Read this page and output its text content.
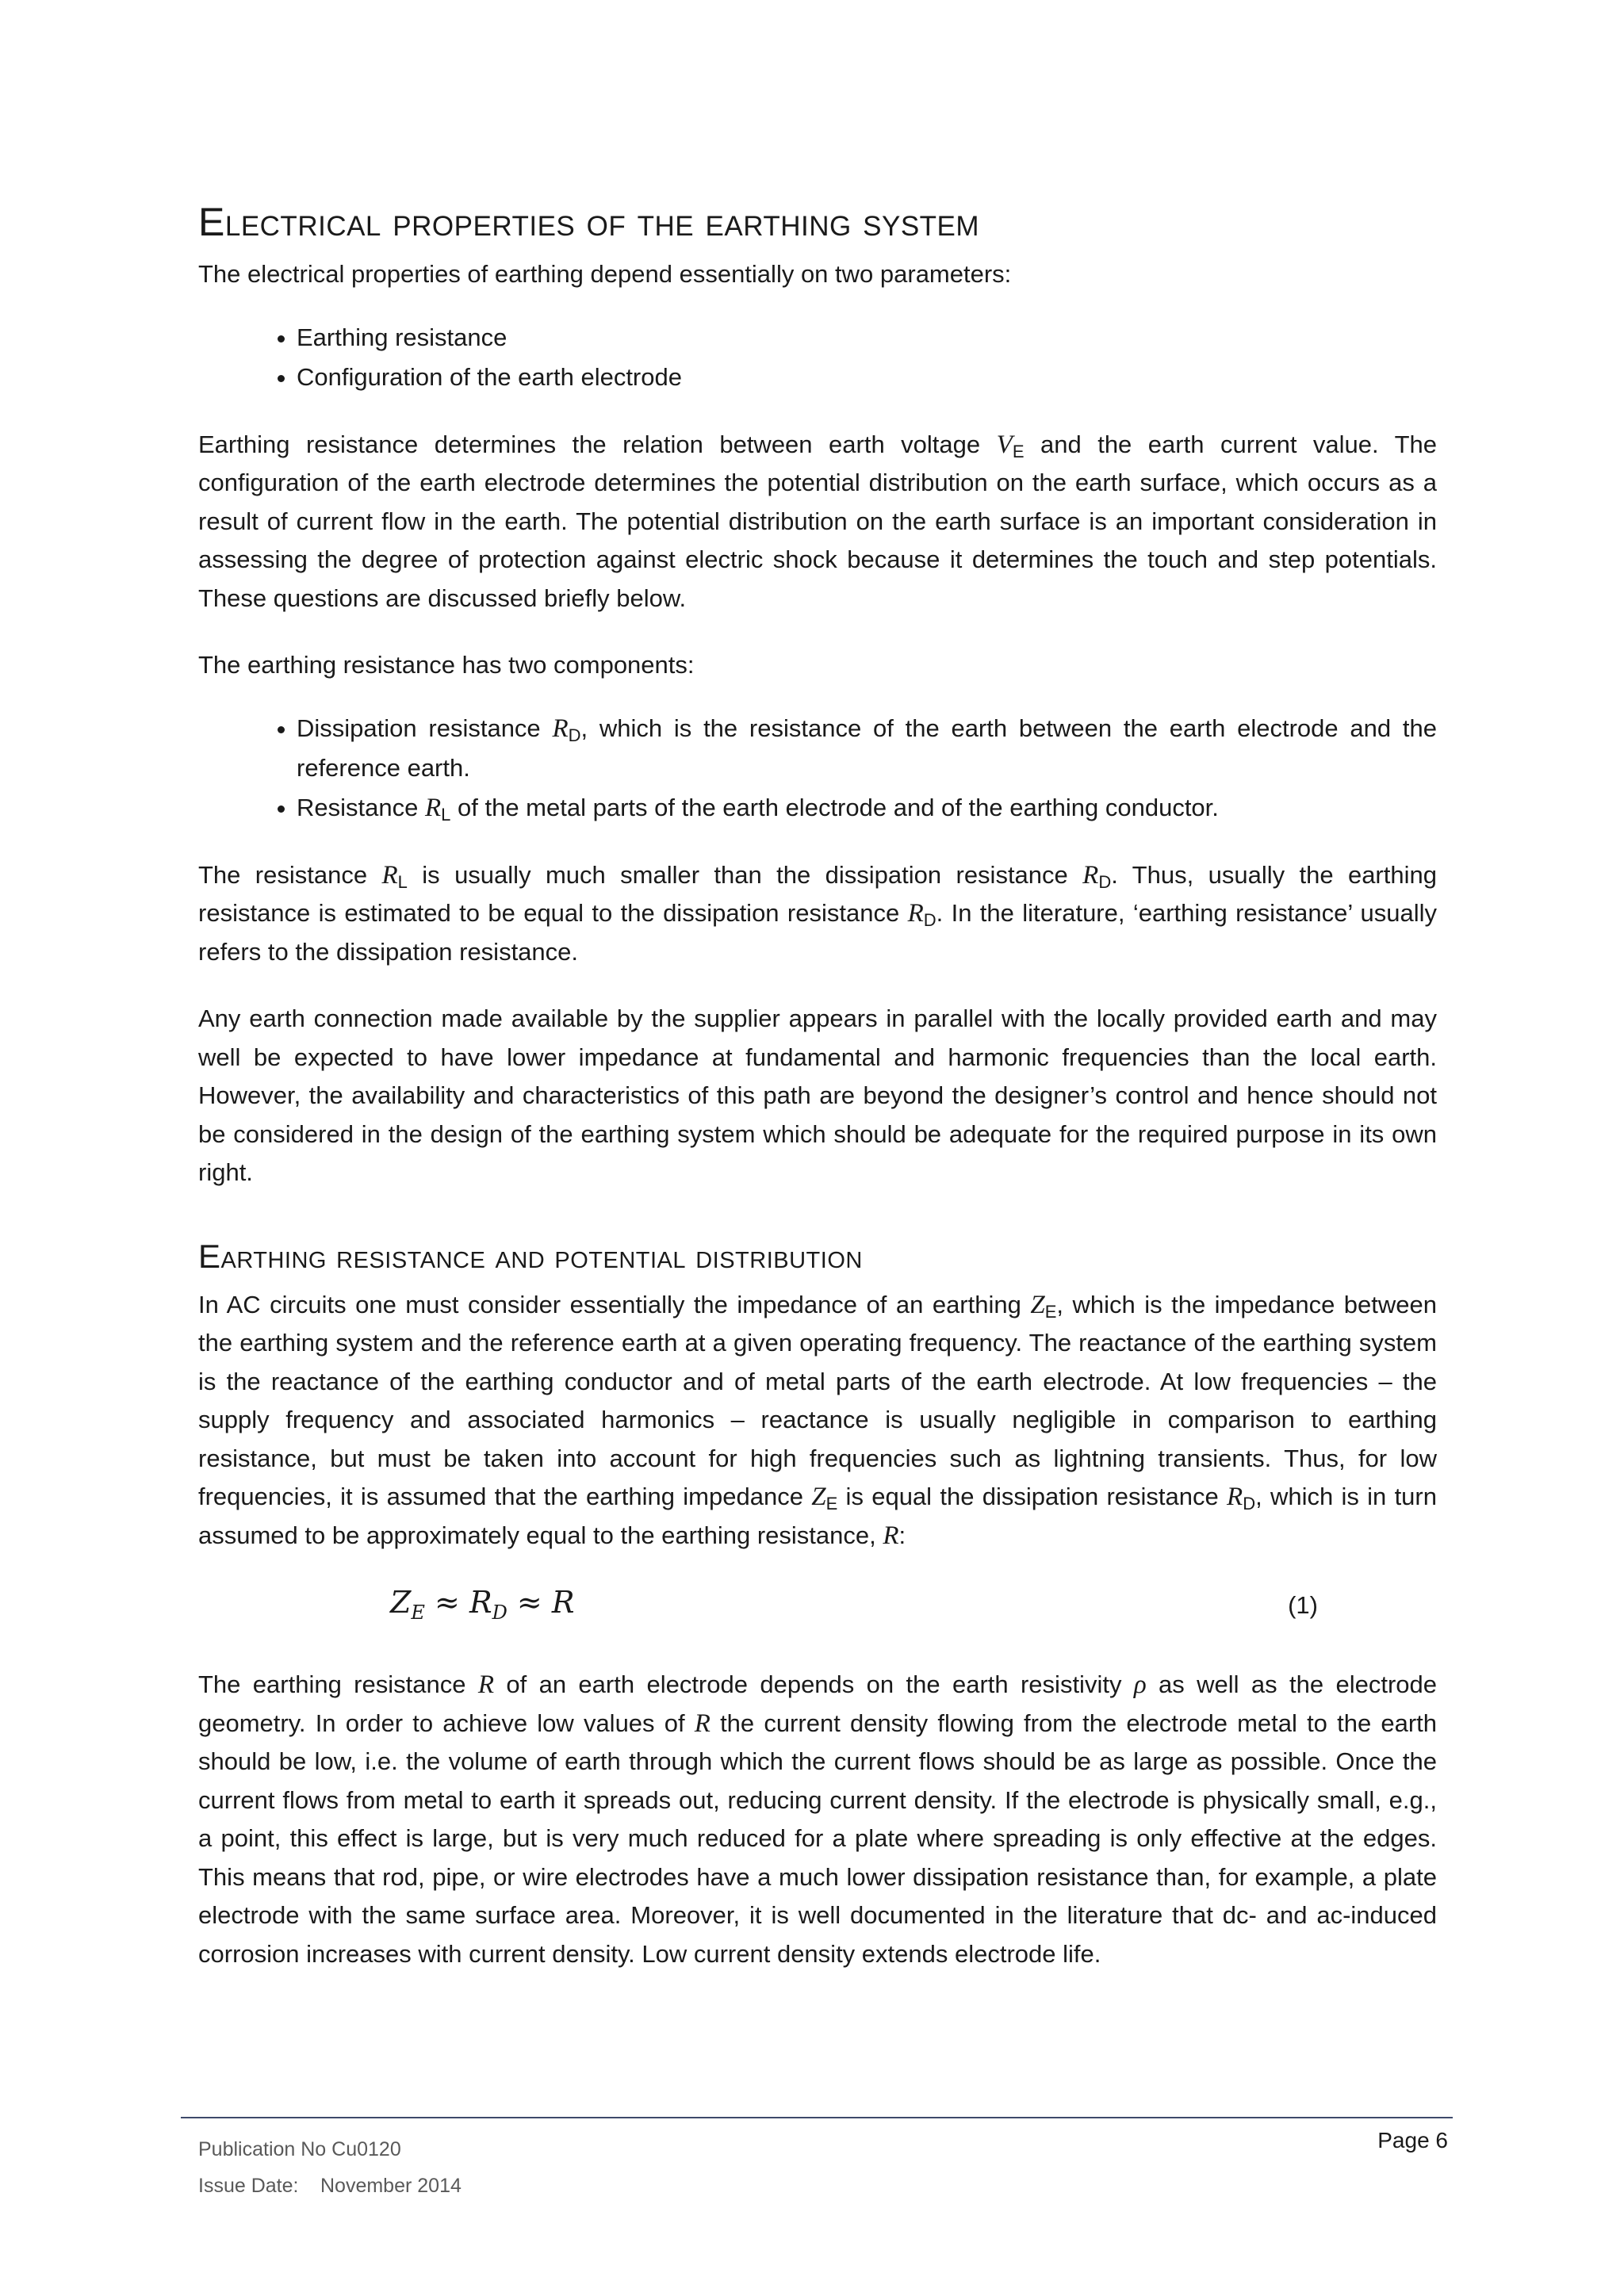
Electrical properties of the earthing system

The electrical properties of earthing depend essentially on two parameters:

• Earthing resistance
• Configuration of the earth electrode

Earthing resistance determines the relation between earth voltage $V_E$ and the earth current value. The configuration of the earth electrode determines the potential distribution on the earth surface, which occurs as a result of current flow in the earth. The potential distribution on the earth surface is an important consideration in assessing the degree of protection against electric shock because it determines the touch and step potentials. These questions are discussed briefly below.

The earthing resistance has two components:

• Dissipation resistance $R_D$, which is the resistance of the earth between the earth electrode and the reference earth.
• Resistance $R_L$ of the metal parts of the earth electrode and of the earthing conductor.

The resistance $R_L$ is usually much smaller than the dissipation resistance $R_D$. Thus, usually the earthing resistance is estimated to be equal to the dissipation resistance $R_D$. In the literature, ‘earthing resistance’ usually refers to the dissipation resistance.

Any earth connection made available by the supplier appears in parallel with the locally provided earth and may well be expected to have lower impedance at fundamental and harmonic frequencies than the local earth. However, the availability and characteristics of this path are beyond the designer’s control and hence should not be considered in the design of the earthing system which should be adequate for the required purpose in its own right.

Earthing resistance and potential distribution

In AC circuits one must consider essentially the impedance of an earthing $Z_E$, which is the impedance between the earthing system and the reference earth at a given operating frequency. The reactance of the earthing system is the reactance of the earthing conductor and of metal parts of the earth electrode. At low frequencies – the supply frequency and associated harmonics – reactance is usually negligible in comparison to earthing resistance, but must be taken into account for high frequencies such as lightning transients. Thus, for low frequencies, it is assumed that the earthing impedance $Z_E$ is equal the dissipation resistance $R_D$, which is in turn assumed to be approximately equal to the earthing resistance, R:

$Z_E \approx R_D \approx R$	(1)

The earthing resistance R of an earth electrode depends on the earth resistivity ρ as well as the electrode geometry. In order to achieve low values of R the current density flowing from the electrode metal to the earth should be low, i.e. the volume of earth through which the current flows should be as large as possible. Once the current flows from metal to earth it spreads out, reducing current density. If the electrode is physically small, e.g., a point, this effect is large, but is very much reduced for a plate where spreading is only effective at the edges. This means that rod, pipe, or wire electrodes have a much lower dissipation resistance than, for example, a plate electrode with the same surface area. Moreover, it is well documented in the literature that dc- and ac-induced corrosion increases with current density. Low current density extends electrode life.

Publication No Cu0120
Issue Date: November 2014
Page 6
